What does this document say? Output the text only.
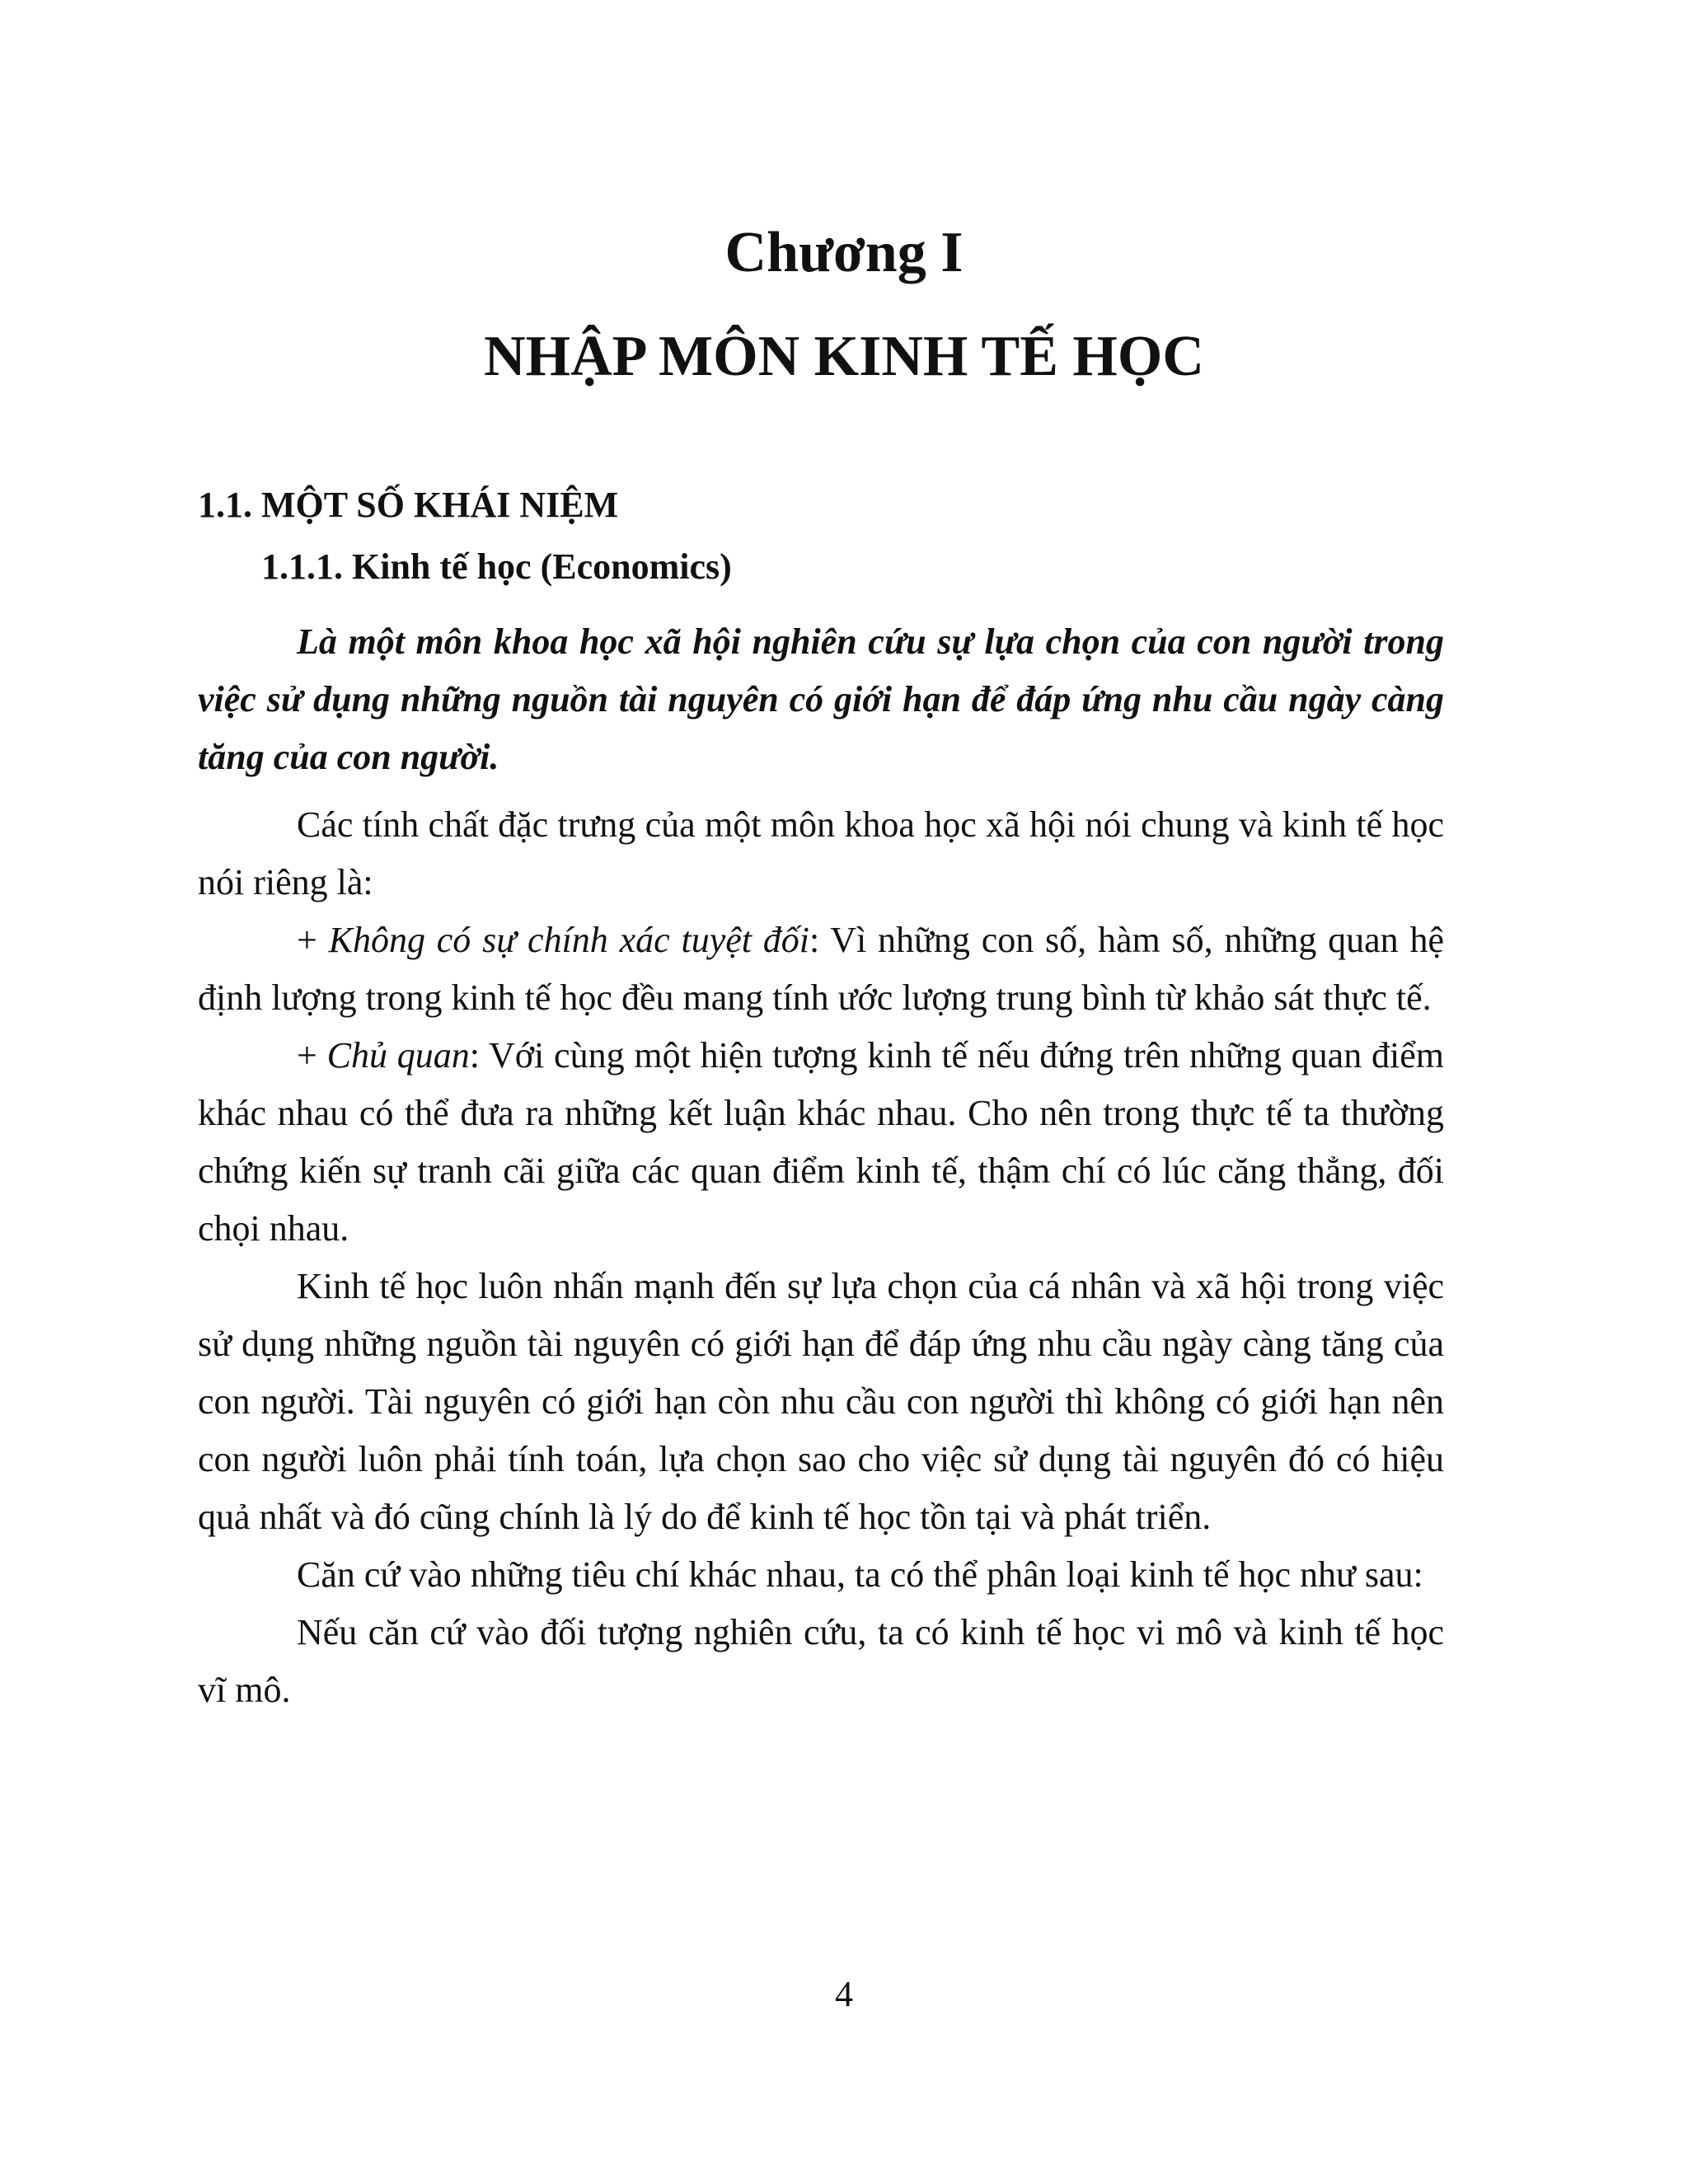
Chương I
NHẬP MÔN KINH TẾ HỌC
1.1. MỘT SỐ KHÁI NIỆM
1.1.1. Kinh tế học (Economics)

Là một môn khoa học xã hội nghiên cứu sự lựa chọn của con người trong việc sử dụng những nguồn tài nguyên có giới hạn để đáp ứng nhu cầu ngày càng tăng của con người.

Các tính chất đặc trưng của một môn khoa học xã hội nói chung và kinh tế học nói riêng là:

+ Không có sự chính xác tuyệt đối: Vì những con số, hàm số, những quan hệ định lượng trong kinh tế học đều mang tính ước lượng trung bình từ khảo sát thực tế.

+ Chủ quan: Với cùng một hiện tượng kinh tế nếu đứng trên những quan điểm khác nhau có thể đưa ra những kết luận khác nhau. Cho nên trong thực tế ta thường chứng kiến sự tranh cãi giữa các quan điểm kinh tế, thậm chí có lúc căng thẳng, đối chọi nhau.

Kinh tế học luôn nhấn mạnh đến sự lựa chọn của cá nhân và xã hội trong việc sử dụng những nguồn tài nguyên có giới hạn để đáp ứng nhu cầu ngày càng tăng của con người. Tài nguyên có giới hạn còn nhu cầu con người thì không có giới hạn nên con người luôn phải tính toán, lựa chọn sao cho việc sử dụng tài nguyên đó có hiệu quả nhất và đó cũng chính là lý do để kinh tế học tồn tại và phát triển.

Căn cứ vào những tiêu chí khác nhau, ta có thể phân loại kinh tế học như sau:

Nếu căn cứ vào đối tượng nghiên cứu, ta có kinh tế học vi mô và kinh tế học vĩ mô.

4
